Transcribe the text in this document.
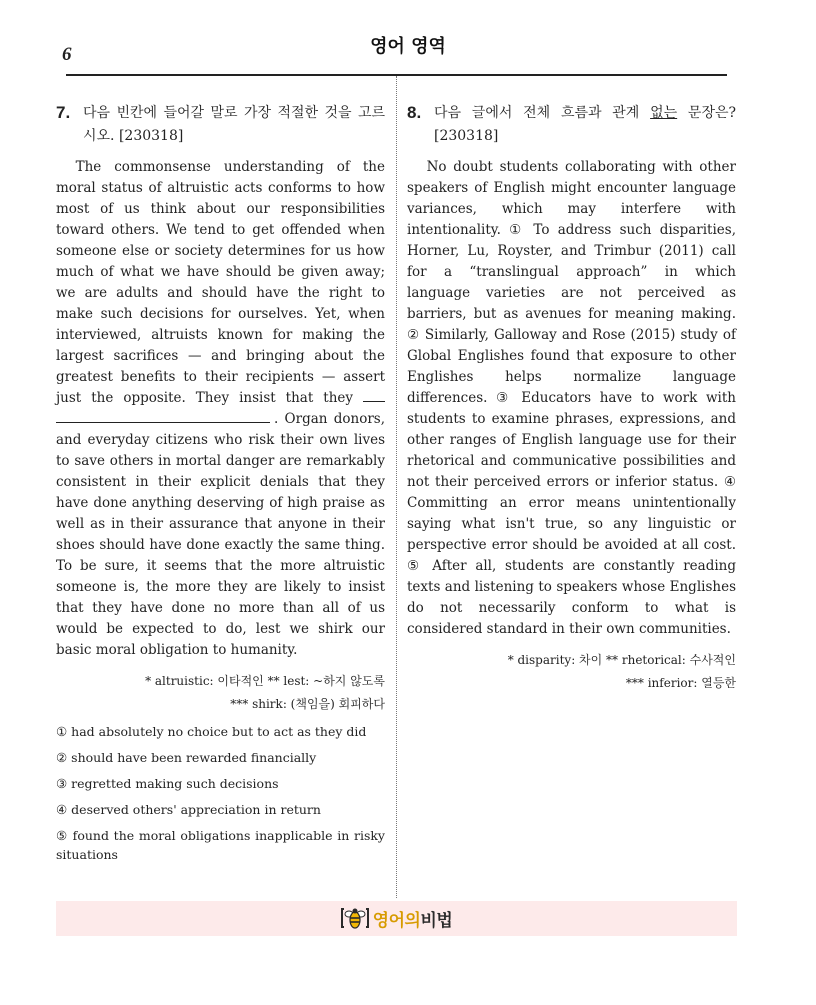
6	영어 영역
7. 다음 빈칸에 들어갈 말로 가장 적절한 것을 고르
시오. [230318]
The commonsense understanding of the moral status of altruistic acts conforms to how most of us think about our responsibilities toward others. We tend to get offended when someone else or society determines for us how much of what we have should be given away; we are adults and should have the right to make such decisions for ourselves. Yet, when interviewed, altruists known for making the largest sacrifices — and bringing about the greatest benefits to their recipients — assert just the opposite. They insist that they  . Organ donors, and everyday citizens who risk their own lives to save others in mortal danger are remarkably consistent in their explicit denials that they have done anything deserving of high praise as well as in their assurance that anyone in their shoes should have done exactly the same thing. To be sure, it seems that the more altruistic someone is, the more they are likely to insist that they have done no more than all of us would be expected to do, lest we shirk our basic moral obligation to humanity.
* altruistic: 이타적인 ** lest: ~하지 않도록
*** shirk: (책임을) 회피하다
① had absolutely no choice but to act as they did
② should have been rewarded financially
③ regretted making such decisions
④ deserved others' appreciation in return
⑤ found the moral obligations inapplicable in risky
situations
8. 다음 글에서 전체 흐름과 관계 없는 문장은?
[230318]
No doubt students collaborating with other speakers of English might encounter language variances, which may interfere with intentionality. ① To address such disparities, Horner, Lu, Royster, and Trimbur (2011) call for a “translingual approach” in which language varieties are not perceived as barriers, but as avenues for meaning making. ② Similarly, Galloway and Rose (2015) study of Global Englishes found that exposure to other Englishes helps normalize language differences. ③ Educators have to work with students to examine phrases, expressions, and other ranges of English language use for their rhetorical and communicative possibilities and not their perceived errors or inferior status. ④ Committing an error means unintentionally saying what isn't true, so any linguistic or perspective error should be avoided at all cost. ⑤ After all, students are constantly reading texts and listening to speakers whose Englishes do not necessarily conform to what is considered standard in their own communities.
* disparity: 차이 ** rhetorical: 수사적인
*** inferior: 열등한
영어의비법
